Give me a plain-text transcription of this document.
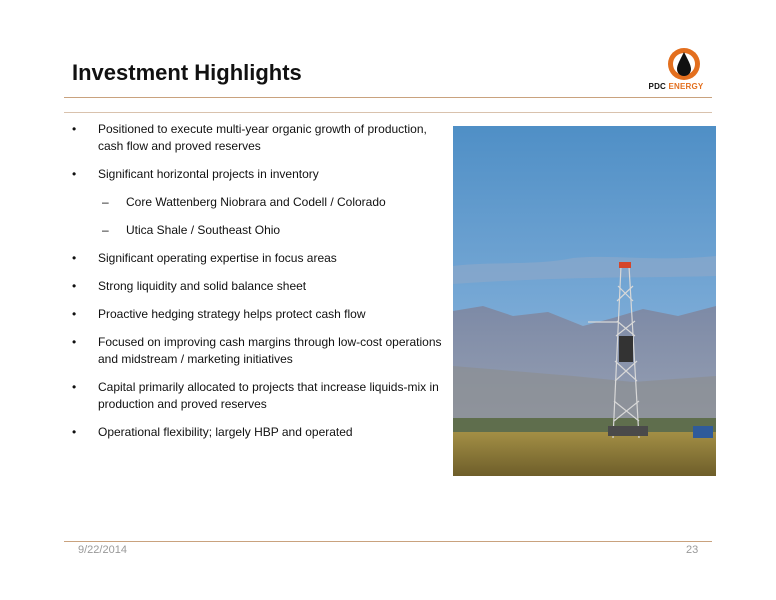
Investment Highlights
PDC ENERGY
• Positioned to execute multi-year organic growth of production, cash flow and proved reserves
• Significant horizontal projects in inventory
– Core Wattenberg Niobrara and Codell / Colorado
– Utica Shale / Southeast Ohio
• Significant operating expertise in focus areas
• Strong liquidity and solid balance sheet
• Proactive hedging strategy helps protect cash flow
• Focused on improving cash margins through low-cost operations and midstream / marketing initiatives
• Capital primarily allocated to projects that increase liquids-mix in production and proved reserves
• Operational flexibility; largely HBP and operated
9/22/2014	23
